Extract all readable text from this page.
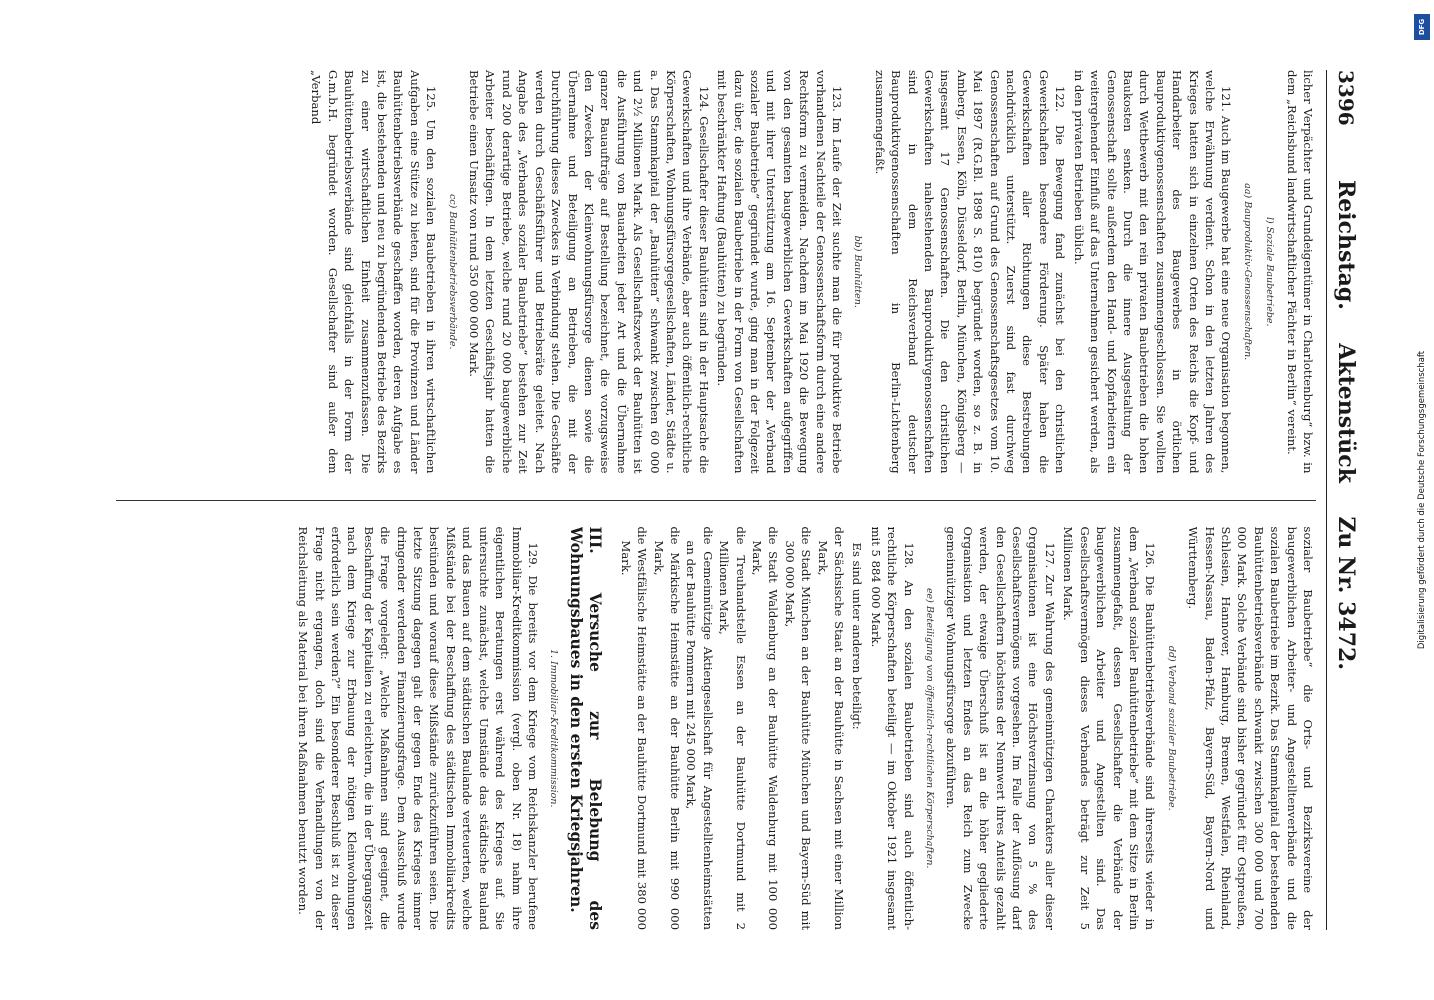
3396
Reichstag.
Aktenstück
Zu Nr. 3472.

licher Verpächter und Grundeigentümer in Charlottenburg“ bzw. in dem „Reichsbund landwirtschaftlicher Pächter in Berlin“ vereint.

l) Soziale Baubetriebe.
aa) Bauproduktiv-Genossenschaften.

121. Auch im Baugewerbe hat eine neue Organisation begonnen, welche Erwähnung verdient. Schon in den letzten Jahren des Krieges hatten sich in einzelnen Orten des Reichs die Kopf- und Handarbeiter des Baugewerbes in örtlichen Bauproduktivgenossenschaften zusammengeschlossen. Sie wollten durch Wettbewerb mit den rein privaten Baubetrieben die hohen Baukosten senken. Durch die innere Ausgestaltung der Genossenschaft sollte außerdem den Hand- und Kopfarbeitern ein weitergehender Einfluß auf das Unternehmen gesichert werden, als in den privaten Betrieben üblich.

122. Die Bewegung fand zunächst bei den christlichen Gewerkschaften besondere Förderung. Später haben die Gewerkschaften aller Richtungen diese Bestrebungen nachdrücklich unterstützt. Zuerst sind fast durchweg Genossenschaften auf Grund des Genossenschaftsgesetzes vom 10. Mai 1897 (R.G.Bl. 1898 S. 810) begründet worden, so z. B. in Amberg, Essen, Köln, Düsseldorf, Berlin, München, Königsberg — insgesamt 17 Genossenschaften. Die den christlichen Gewerkschaften nahestehenden Bauproduktivgenossenschaften sind in dem Reichsverband deutscher Bauproduktivgenossenschaften in Berlin-Lichtenberg zusammengefaßt.

bb) Bauhütten.

123. Im Laufe der Zeit suchte man die für produktive Betriebe vorhandenen Nachteile der Genossenschaftsform durch eine andere Rechtsform zu vermeiden. Nachdem im Mai 1920 die Bewegung von den gesamten baugewerblichen Gewerkschaften aufgegriffen und mit ihrer Unterstützung am 16. September der „Verband sozialer Baubetriebe“ gegründet wurde, ging man in der Folgezeit dazu über, die sozialen Baubetriebe in der Form von Gesellschaften mit beschränkter Haftung (Bauhütten) zu begründen.

124. Gesellschafter dieser Bauhütten sind in der Hauptsache die Gewerkschaften und ihre Verbände, aber auch öffentlich-rechtliche Körperschaften, Wohnungsfürsorgegesellschaften, Länder, Städte u. a. Das Stammkapital der „Bauhütten“ schwankt zwischen 60 000 und 2½ Millionen Mark. Als Gesellschaftszweck der Bauhütten ist die Ausführung von Bauarbeiten jeder Art und die Übernahme ganzer Bauaufträge auf Bestellung bezeichnet, die vorzugsweise den Zwecken der Kleinwohnungsfürsorge dienen sowie die Übernahme und Beteiligung an Betrieben, die mit der Durchführung dieses Zweckes in Verbindung stehen. Die Geschäfte werden durch Geschäftsführer und Betriebsräte geleitet. Nach Angabe des „Verbandes sozialer Baubetriebe“ bestehen zur Zeit rund 200 derartige Betriebe, welche rund 20 000 baugewerbliche Arbeiter beschäftigen. In dem letzten Geschäftsjahr hatten die Betriebe einen Umsatz von rund 350 000 000 Mark.

cc) Bauhüttenbetriebsverbände.

125. Um den sozialen Baubetrieben in ihren wirtschaftlichen Aufgaben eine Stütze zu bieten, sind für die Provinzen und Länder Bauhüttenbetriebsverbände geschaffen worden, deren Aufgabe es ist, die bestehenden und neu zu begründenden Betriebe des Bezirks zu einer wirtschaftlichen Einheit zusammenzufassen. Die Bauhüttenbetriebsverbände sind gleichfalls in der Form der G.m.b.H. begründet worden. Gesellschafter sind außer dem „Verband

sozialer Baubetriebe“ die Orts- und Bezirksvereine der baugewerblichen Arbeiter- und Angestelltenverbände und die sozialen Baubetriebe im Bezirk. Das Stammkapital der bestehenden Bauhüttenbetriebsverbände schwankt zwischen 300 000 und 700 000 Mark. Solche Verbände sind bisher gegründet für Ostpreußen, Schlesien, Hannover, Hamburg, Bremen, Westfalen, Rheinland, Hessen-Nassau, Baden-Pfalz, Bayern-Süd, Bayern-Nord und Württemberg.

dd) Verband sozialer Baubetriebe.

126. Die Bauhüttenbetriebsverbände sind ihrerseits wieder in dem „Verband sozialer Bauhüttenbetriebe“ mit dem Sitze in Berlin zusammengefaßt, dessen Gesellschafter die Verbände der baugewerblichen Arbeiter und Angestellten sind. Das Gesellschaftsvermögen dieses Verbandes beträgt zur Zeit 5 Millionen Mark.

127. Zur Wahrung des gemeinnützigen Charakters aller dieser Organisationen ist eine Höchstverzinsung von 5 % des Gesellschaftsvermögens vorgesehen. Im Falle der Auflösung darf den Gesellschaftern höchstens der Nennwert ihres Anteils gezahlt werden, der etwaige Überschuß ist an die höher gegliederte Organisation und letzten Endes an das Reich zum Zwecke gemeinnütziger Wohnungsfürsorge abzuführen.

ee) Beteiligung von öffentlich-rechtlichen Körperschaften.

128. An den sozialen Baubetrieben sind auch öffentlich-rechtliche Körperschaften beteiligt — im Oktober 1921 insgesamt mit 5 884 000 Mark.

Es sind unter anderen beteiligt:

der Sächsische Staat an der Bauhütte in Sachsen mit einer Million Mark,
die Stadt München an der Bauhütte München und Bayern-Süd mit 300 000 Mark,
die Stadt Waldenburg an der Bauhütte Waldenburg mit 100 000 Mark,
die Treuhandstelle Essen an der Bauhütte Dortmund mit 2 Millionen Mark,
die Gemeinnützige Aktiengesellschaft für Angestelltenheimstätten an der Bauhütte Pommern mit 245 000 Mark,
die Märkische Heimstätte an der Bauhütte Berlin mit 990 000 Mark,
die Westfälische Heimstätte an der Bauhütte Dortmund mit 380 000 Mark.
III. Versuche zur Belebung des Wohnungsbaues in den ersten Kriegsjahren.
1. Immobiliar-Kreditkommission.

129. Die bereits vor dem Kriege vom Reichskanzler berufene Immobiliar-Kreditkommission (vergl. oben Nr. 18) nahm ihre eigentlichen Beratungen erst während des Krieges auf. Sie untersuchte zunächst, welche Umstände das städtische Bauland und das Bauen auf dem städtischen Baulande verteuerten, welche Mißstände bei der Beschaffung des städtischen Immobiliarkredits bestünden und worauf diese Mißstände zurückzuführen seien. Die letzte Sitzung dagegen galt der gegen Ende des Krieges immer dringender werdenden Finanzierungsfrage. Dem Ausschuß wurde die Frage vorgelegt: „Welche Maßnahmen sind geeignet, die Beschaffung der Kapitalien zu erleichtern, die in der Übergangszeit nach dem Kriege zur Erbauung der nötigen Kleinwohnungen erforderlich sein werden?“ Ein besonderer Beschluß ist zu dieser Frage nicht ergangen, doch sind die Verhandlungen von der Reichsleitung als Material bei ihren Maßnahmen benutzt worden.

DFG
Digitalisierung gefördert durch die Deutsche Forschungsgemeinschaft
